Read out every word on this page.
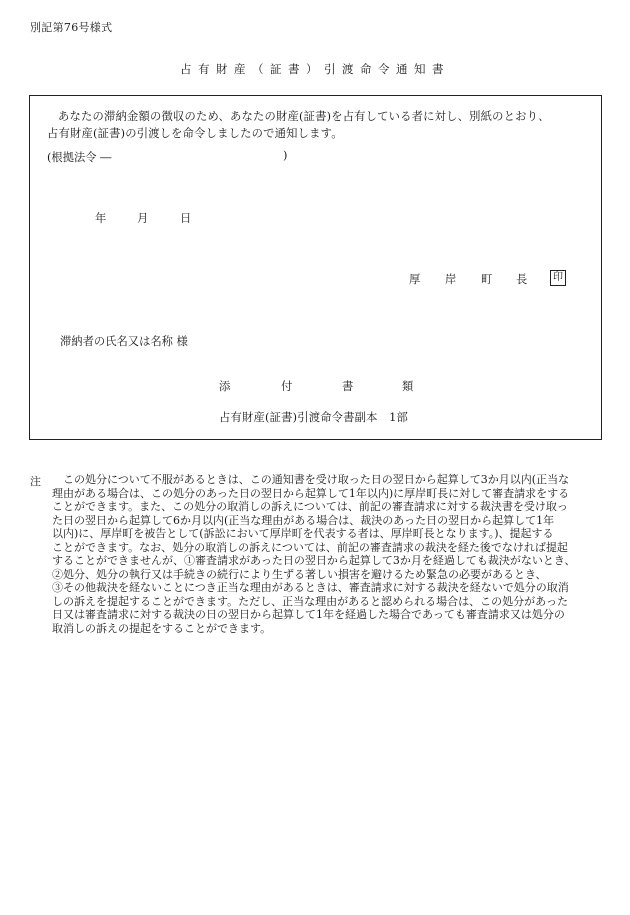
別記第76号様式
占有財産（証書）引渡命令通知書
あなたの滞納金額の徴収のため、あなたの財産(証書)を占有している者に対し、別紙のとおり、
占有財産(証書)の引渡しを命令しましたので通知します。
(根拠法令 ―	)
年	月	日
厚 岸 町 長	印
滞納者の氏名又は名称 様
添	付	書	類
占有財産(証書)引渡命令書副本　1部
注	この処分について不服があるときは、この通知書を受け取った日の翌日から起算して3か月以内(正当な
理由がある場合は、この処分のあった日の翌日から起算して1年以内)に厚岸町長に対して審査請求をする
ことができます。また、この処分の取消しの訴えについては、前記の審査請求に対する裁決書を受け取っ
た日の翌日から起算して6か月以内(正当な理由がある場合は、裁決のあった日の翌日から起算して1年
以内)に、厚岸町を被告として(訴訟において厚岸町を代表する者は、厚岸町長となります。)、提起する
ことができます。なお、処分の取消しの訴えについては、前記の審査請求の裁決を経た後でなければ提起
することができませんが、①審査請求があった日の翌日から起算して3か月を経過しても裁決がないとき、
②処分、処分の執行又は手続きの続行により生ずる著しい損害を避けるため緊急の必要があるとき、
③その他裁決を経ないことにつき正当な理由があるときは、審査請求に対する裁決を経ないで処分の取消
しの訴えを提起することができます。ただし、正当な理由があると認められる場合は、この処分があった
日又は審査請求に対する裁決の日の翌日から起算して1年を経過した場合であっても審査請求又は処分の
取消しの訴えの提起をすることができます。
